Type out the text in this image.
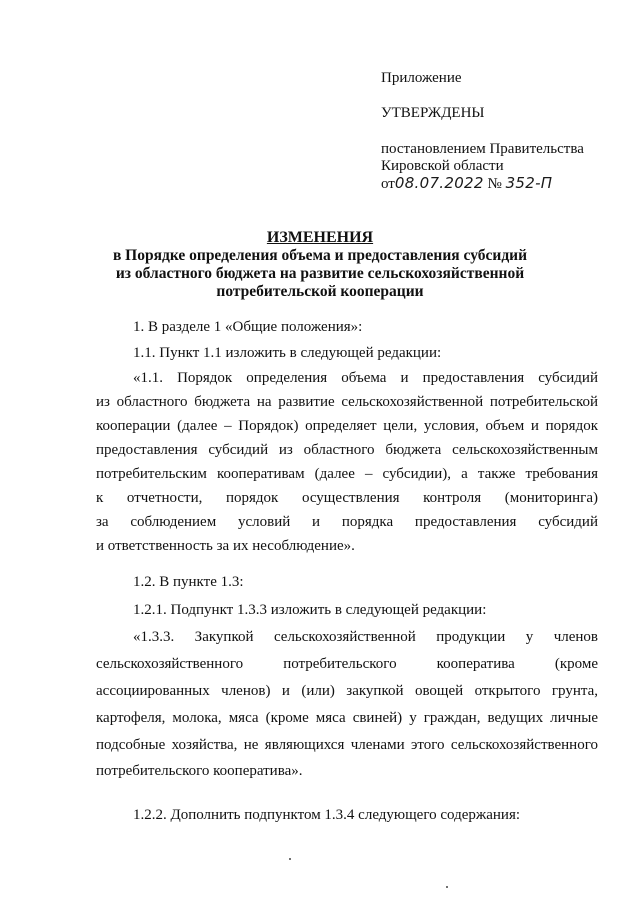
Приложение
УТВЕРЖДЕНЫ
постановлением Правительства
Кировской области
от08.07.2022 № 352-П
ИЗМЕНЕНИЯ
в Порядке определения объема и предоставления субсидий
из областного бюджета на развитие сельскохозяйственной
потребительской кооперации
1. В разделе 1 «Общие положения»:
1.1. Пункт 1.1 изложить в следующей редакции:
«1.1. Порядок определения объема и предоставления субсидий
из областного бюджета на развитие сельскохозяйственной потребительской
кооперации (далее – Порядок) определяет цели, условия, объем и порядок
предоставления субсидий из областного бюджета сельскохозяйственным
потребительским кооперативам (далее – субсидии), а также требования
к отчетности, порядок осуществления контроля (мониторинга)
за соблюдением условий и порядка предоставления субсидий
и ответственность за их несоблюдение».
1.2. В пункте 1.3:
1.2.1. Подпункт 1.3.3 изложить в следующей редакции:
«1.3.3. Закупкой сельскохозяйственной продукции у членов
сельскохозяйственного потребительского кооператива (кроме
ассоциированных членов) и (или) закупкой овощей открытого грунта,
картофеля, молока, мяса (кроме мяса свиней) у граждан, ведущих личные
подсобные хозяйства, не являющихся членами этого сельскохозяйственного
потребительского кооператива».
1.2.2. Дополнить подпунктом 1.3.4 следующего содержания:
